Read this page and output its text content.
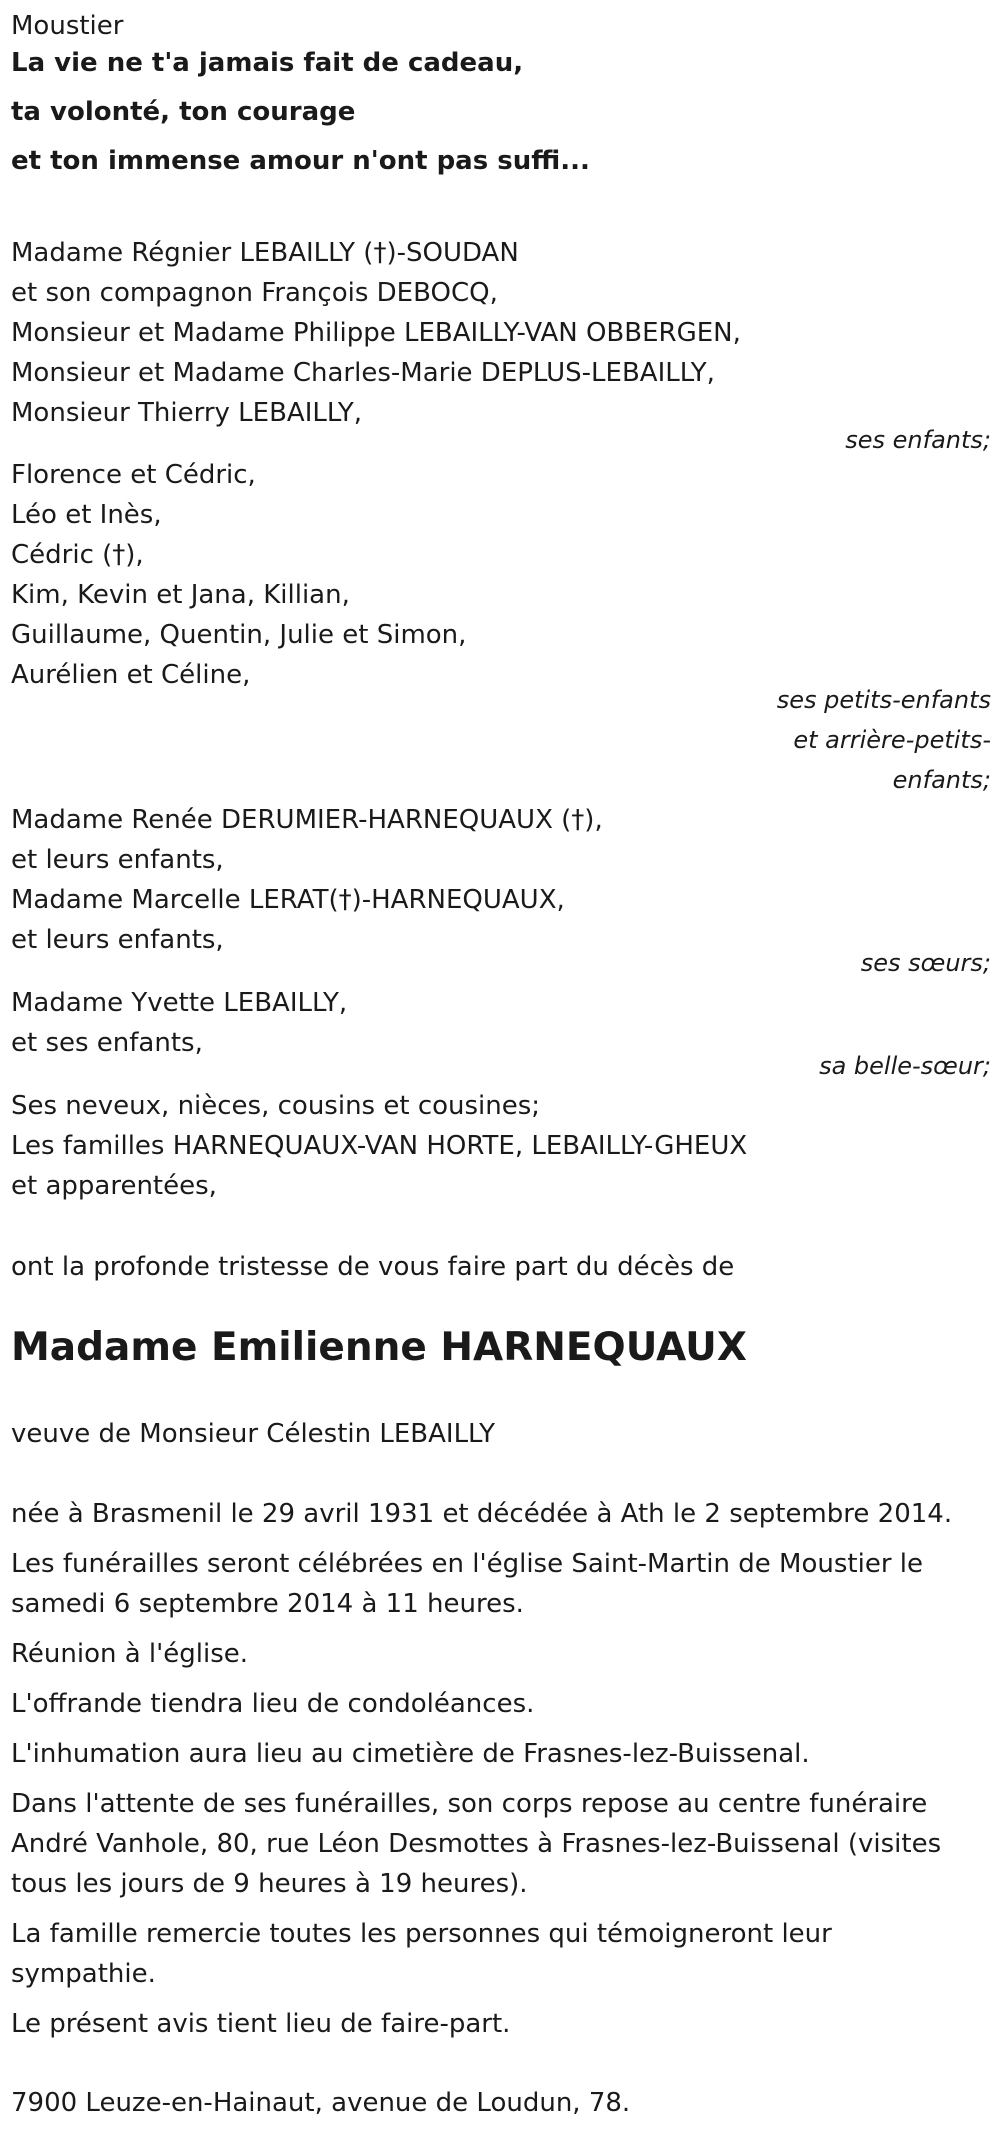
Moustier
La vie ne t'a jamais fait de cadeau,
ta volonté, ton courage
et ton immense amour n'ont pas suffi...
Madame Régnier LEBAILLY (†)-SOUDAN
et son compagnon François DEBOCQ,
Monsieur et Madame Philippe LEBAILLY-VAN OBBERGEN,
Monsieur et Madame Charles-Marie DEPLUS-LEBAILLY,
Monsieur Thierry LEBAILLY,
ses enfants;
Florence et Cédric,
Léo et Inès,
Cédric (†),
Kim, Kevin et Jana, Killian,
Guillaume, Quentin, Julie et Simon,
Aurélien et Céline,
ses petits-enfants
et arrière-petits-
enfants;
Madame Renée DERUMIER-HARNEQUAUX (†),
et leurs enfants,
Madame Marcelle LERAT(†)-HARNEQUAUX,
et leurs enfants,
ses sœurs;
Madame Yvette LEBAILLY,
et ses enfants,
sa belle-sœur;
Ses neveux, nièces, cousins et cousines;
Les familles HARNEQUAUX-VAN HORTE, LEBAILLY-GHEUX
et apparentées,
ont la profonde tristesse de vous faire part du décès de
Madame Emilienne HARNEQUAUX
veuve de Monsieur Célestin LEBAILLY
née à Brasmenil le 29 avril 1931 et décédée à Ath le 2 septembre 2014.
Les funérailles seront célébrées en l'église Saint-Martin de Moustier le samedi 6 septembre 2014 à 11 heures.
Réunion à l'église.
L'offrande tiendra lieu de condoléances.
L'inhumation aura lieu au cimetière de Frasnes-lez-Buissenal.
Dans l'attente de ses funérailles, son corps repose au centre funéraire André Vanhole, 80, rue Léon Desmottes à Frasnes-lez-Buissenal (visites tous les jours de 9 heures à 19 heures).
La famille remercie toutes les personnes qui témoigneront leur sympathie.
Le présent avis tient lieu de faire-part.
7900 Leuze-en-Hainaut, avenue de Loudun, 78.
